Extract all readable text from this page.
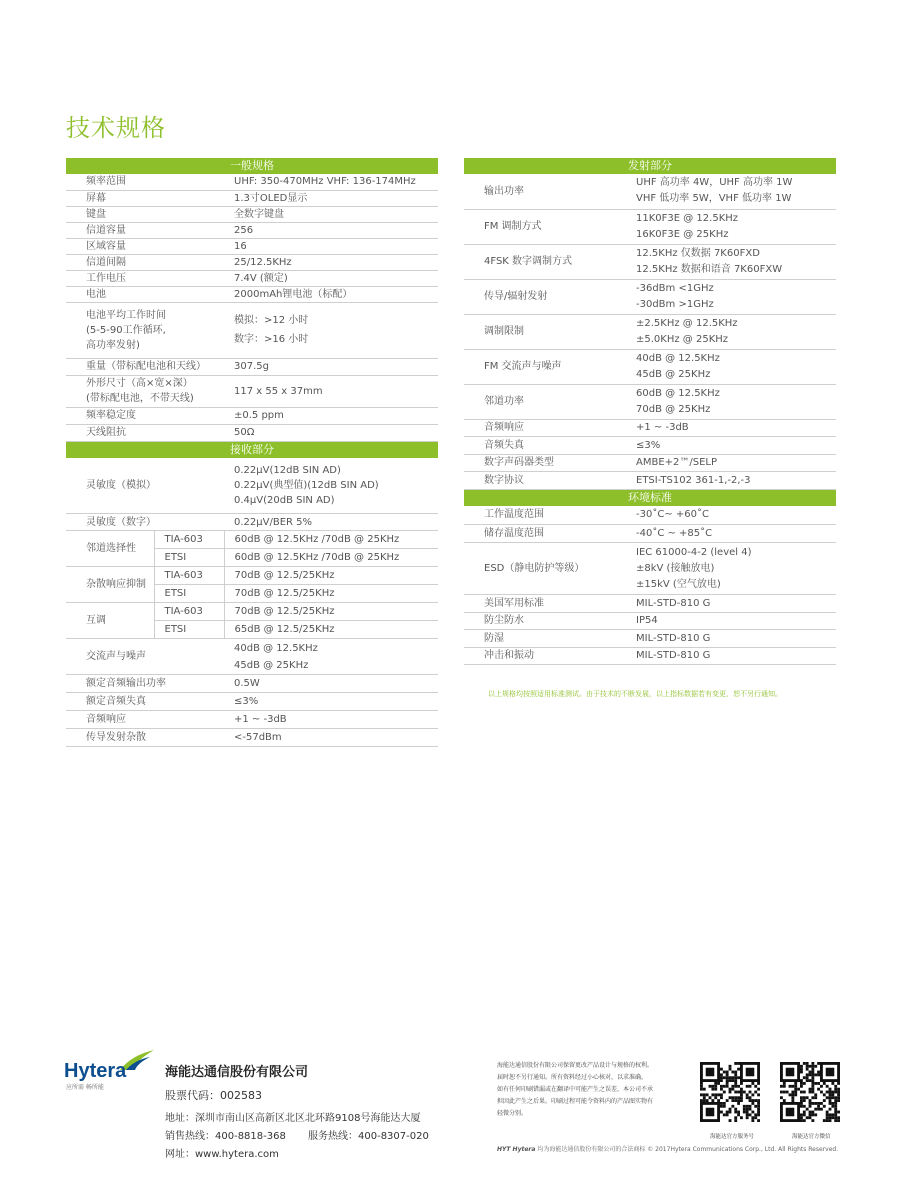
技术规格
一般规格		
频率范围		UHF: 350-470MHz VHF: 136-174MHz
屏幕		1.3寸OLED显示
键盘		全数字键盘
信道容量		256
区域容量		16
信道间隔		25/12.5KHz
工作电压		7.4V (额定)
电池		2000mAh锂电池（标配）

电池平均工作时间
(5-5-90工作循环,
高功率发射)		模拟：>12 小时
数字：>16 小时

重量（带标配电池和天线）		307.5g

外形尺寸（高×宽×深）
(带标配电池，不带天线)		117 x 55 x 37mm
频率稳定度		±0.5 ppm
天线阻抗		50Ω
接收部分		
灵敏度（模拟）		0.22μV(12dB SIN AD)
0.22μV(典型值)(12dB SIN AD)
0.4μV(20dB SIN AD)

灵敏度（数字）		0.22μV/BER 5%
邻道选择性	TIA-603	60dB @ 12.5KHz /70dB @ 25KHz
	ETSI	60dB @ 12.5KHz /70dB @ 25KHz
杂散响应抑制	TIA-603	70dB @ 12.5/25KHz
	ETSI	70dB @ 12.5/25KHz
互调	TIA-603	70dB @ 12.5/25KHz
	ETSI	65dB @ 12.5/25KHz
交流声与噪声		40dB @ 12.5KHz
45dB @ 25KHz

额定音频输出功率		0.5W
额定音频失真		≤3%
音频响应		+1 ~ -3dB
传导发射杂散		<-57dBm
发射部分	
输出功率	UHF 高功率 4W，UHF 高功率 1W
VHF 低功率 5W，VHF 低功率 1W

FM 调制方式	11K0F3E @ 12.5KHz
16K0F3E @ 25KHz

4FSK 数字调制方式	12.5KHz 仅数据 7K60FXD
12.5KHz 数据和语音 7K60FXW

传导/辐射发射	-36dBm <1GHz
-30dBm >1GHz

调制限制	±2.5KHz @ 12.5KHz
±5.0KHz @ 25KHz

FM 交流声与噪声	40dB @ 12.5KHz
45dB @ 25KHz

邻道功率	60dB @ 12.5KHz
70dB @ 25KHz

音频响应	+1 ~ -3dB
音频失真	≤3%
数字声码器类型	AMBE+2™/SELP
数字协议	ETSI-TS102 361-1,-2,-3
环境标准	
工作温度范围	-30˚C~ +60˚C
储存温度范围	-40˚C ~ +85˚C
ESD（静电防护等级）	IEC 61000-4-2 (level 4)
±8kV (接触放电)
±15kV (空气放电)

美国军用标准	MIL-STD-810 G
防尘防水	IP54
防湿	MIL-STD-810 G
冲击和振动	MIL-STD-810 G
以上规格均按照适用标准测试。由于技术的不断发展，以上指标数据若有变更，恕不另行通知。
Hytera
应所需 畅所能
海能达通信股份有限公司
股票代码：002583
地址：深圳市南山区高新区北区北环路9108号海能达大厦
销售热线：400-8818-368 服务热线：400-8307-020
网址：www.hytera.com
海能达通信股份有限公司保留更改产品设计与规格的权利。
届时恕不另行通知。所有资料经过小心核对，以求准确。
如有任何印刷错漏或在翻译中可能产生之误差，本公司不承
担因此产生之后果。印刷过程可能令资料内的产品图实物有
轻微分别。
HYT Hytera 均为海能达通信股份有限公司的合法商标 © 2017Hytera Communications Corp., Ltd. All Rights Reserved.
海能达官方服务号	海能达官方微信
